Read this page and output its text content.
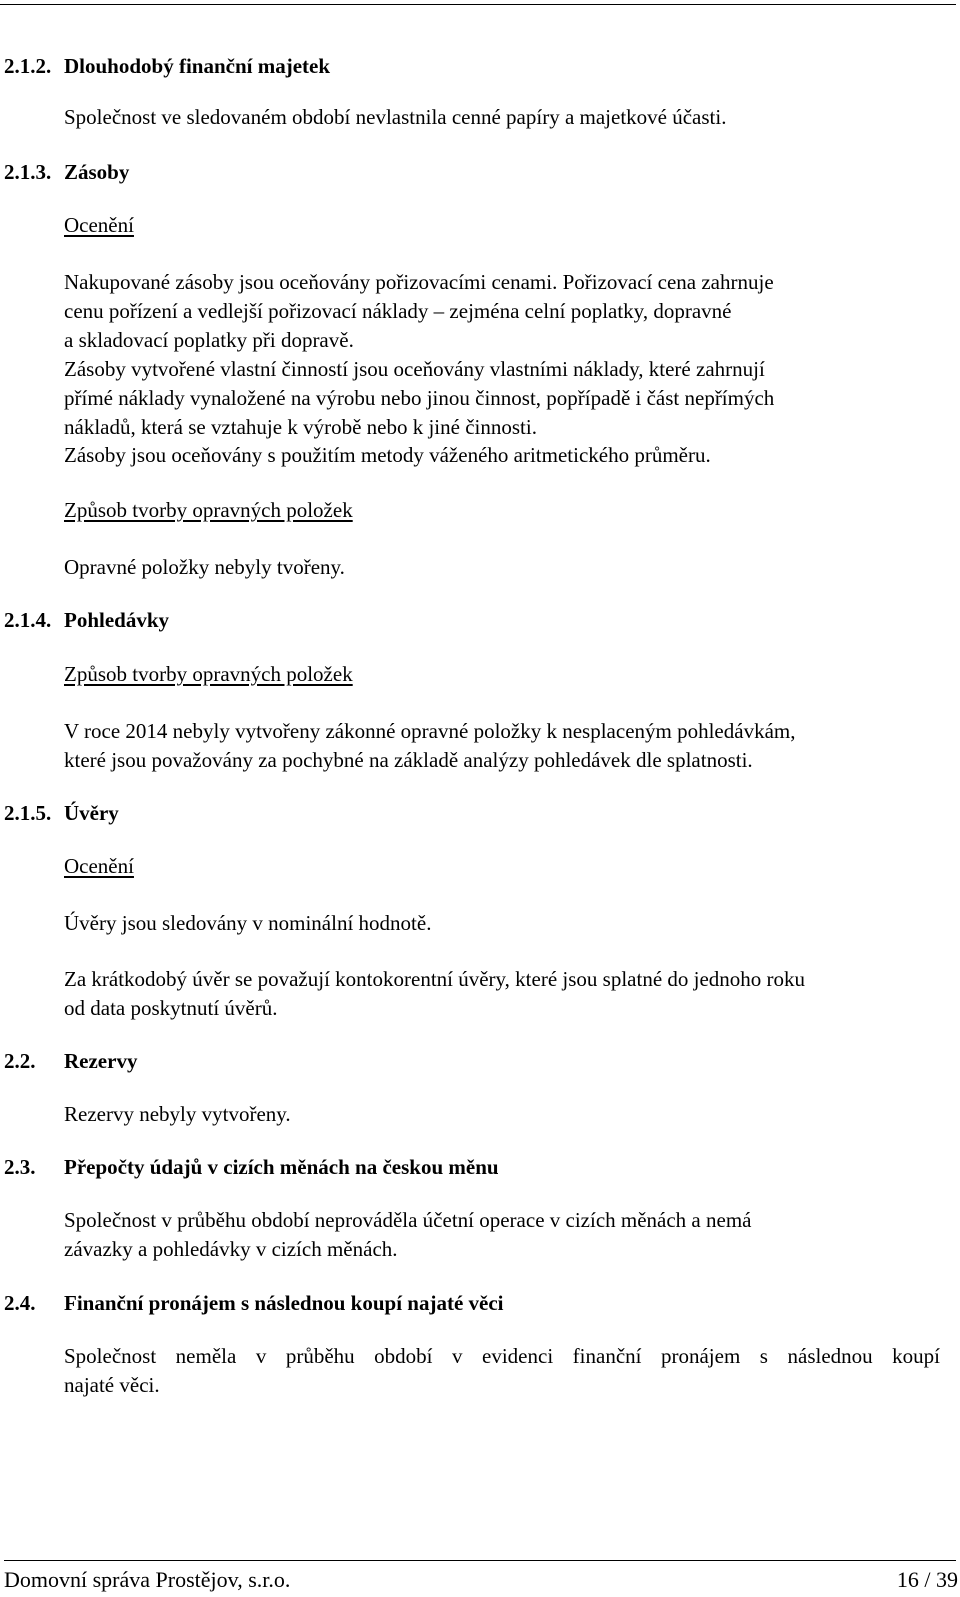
2.1.2. Dlouhodobý finanční majetek
Společnost ve sledovaném období nevlastnila cenné papíry a majetkové účasti.
2.1.3. Zásoby
Ocenění
Nakupované zásoby jsou oceňovány pořizovacími cenami. Pořizovací cena zahrnuje
cenu pořízení a vedlejší pořizovací náklady – zejména celní poplatky, dopravné
a skladovací poplatky při dopravě.
Zásoby vytvořené vlastní činností jsou oceňovány vlastními náklady, které zahrnují
přímé náklady vynaložené na výrobu nebo jinou činnost, popřípadě i část nepřímých
nákladů, která se vztahuje k výrobě nebo k jiné činnosti.
Zásoby jsou oceňovány s použitím metody váženého aritmetického průměru.
Způsob tvorby opravných položek
Opravné položky nebyly tvořeny.
2.1.4. Pohledávky
Způsob tvorby opravných položek
V roce 2014 nebyly vytvořeny zákonné opravné položky k nesplaceným pohledávkám,
které jsou považovány za pochybné na základě analýzy pohledávek dle splatnosti.
2.1.5. Úvěry
Ocenění
Úvěry jsou sledovány v nominální hodnotě.
Za krátkodobý úvěr se považují kontokorentní úvěry, které jsou splatné do jednoho roku
od data poskytnutí úvěrů.
2.2. Rezervy
Rezervy nebyly vytvořeny.
2.3. Přepočty údajů v cizích měnách na českou měnu
Společnost v průběhu období neprováděla účetní operace v cizích měnách a nemá
závazky a pohledávky v cizích měnách.
2.4. Finanční pronájem s následnou koupí najaté věci
Společnost neměla v průběhu období v evidenci finanční pronájem s následnou koupí
najaté věci.
Domovní správa Prostějov, s.r.o.	16 / 39
